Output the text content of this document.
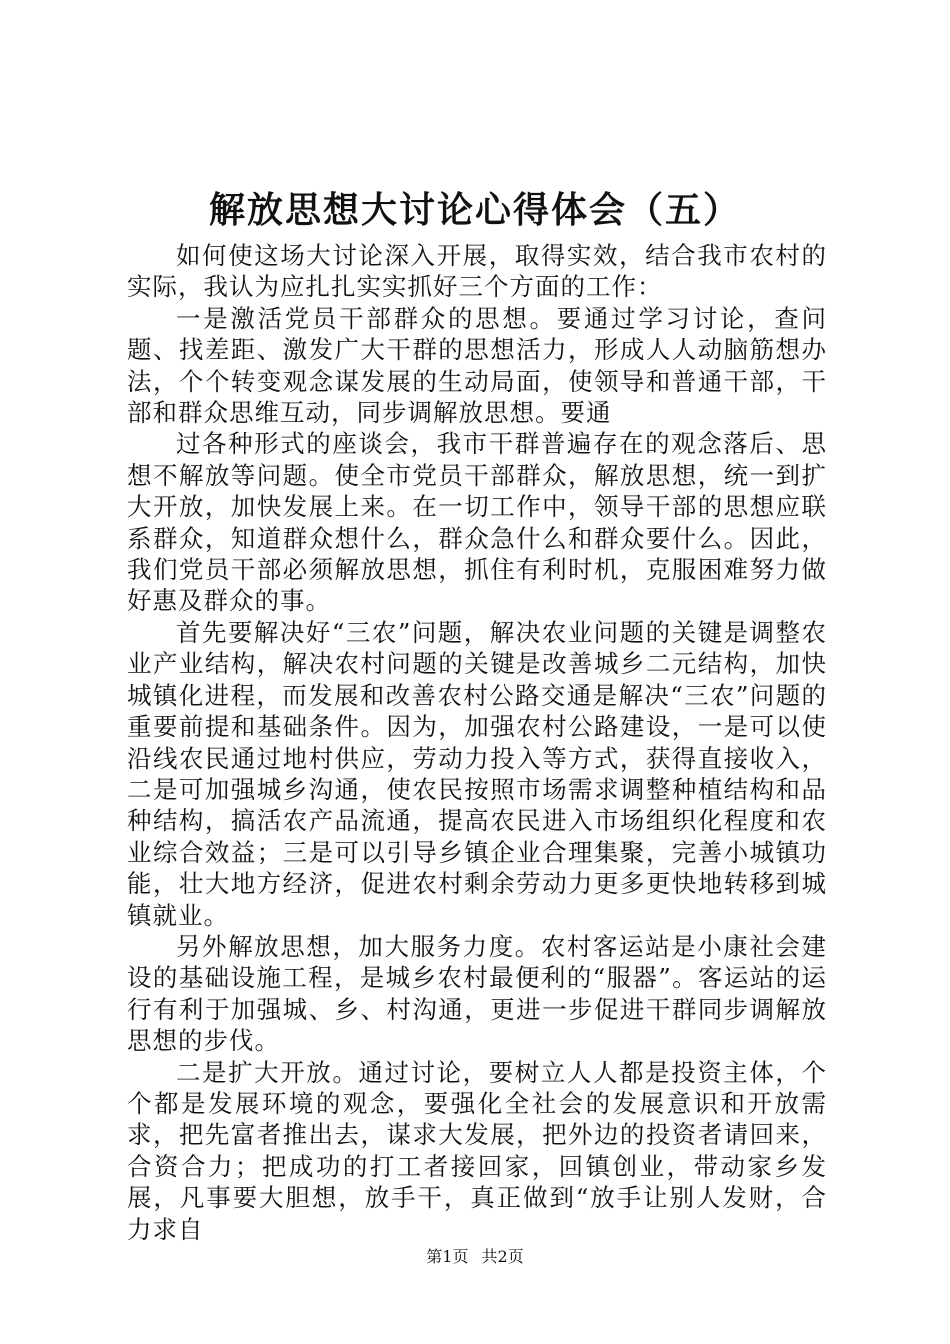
解放思想大讨论心得体会（五）

如何使这场大讨论深入开展，取得实效，结合我市农村的实际，我认为应扎扎实实抓好三个方面的工作：

一是激活党员干部群众的思想。要通过学习讨论，查问题、找差距、激发广大干群的思想活力，形成人人动脑筋想办法，个个转变观念谋发展的生动局面，使领导和普通干部，干部和群众思维互动，同步调解放思想。要通

过各种形式的座谈会，我市干群普遍存在的观念落后、思想不解放等问题。使全市党员干部群众，解放思想，统一到扩大开放，加快发展上来。在一切工作中，领导干部的思想应联系群众，知道群众想什么，群众急什么和群众要什么。因此，我们党员干部必须解放思想，抓住有利时机，克服困难努力做好惠及群众的事。

首先要解决好“三农”问题，解决农业问题的关键是调整农业产业结构，解决农村问题的关键是改善城乡二元结构，加快城镇化进程，而发展和改善农村公路交通是解决“三农”问题的重要前提和基础条件。因为，加强农村公路建设，一是可以使沿线农民通过地村供应，劳动力投入等方式，获得直接收入，二是可加强城乡沟通，使农民按照市场需求调整种植结构和品种结构，搞活农产品流通，提高农民进入市场组织化程度和农业综合效益；三是可以引导乡镇企业合理集聚，完善小城镇功能，壮大地方经济，促进农村剩余劳动力更多更快地转移到城镇就业。

另外解放思想，加大服务力度。农村客运站是小康社会建设的基础设施工程，是城乡农村最便利的“服器”。客运站的运行有利于加强城、乡、村沟通，更进一步促进干群同步调解放思想的步伐。

二是扩大开放。通过讨论，要树立人人都是投资主体，个个都是发展环境的观念，要强化全社会的发展意识和开放需求，把先富者推出去，谋求大发展，把外边的投资者请回来，合资合力；把成功的打工者接回家，回镇创业，带动家乡发展，凡事要大胆想，放手干，真正做到“放手让别人发财，合力求自

第1页 共2页
